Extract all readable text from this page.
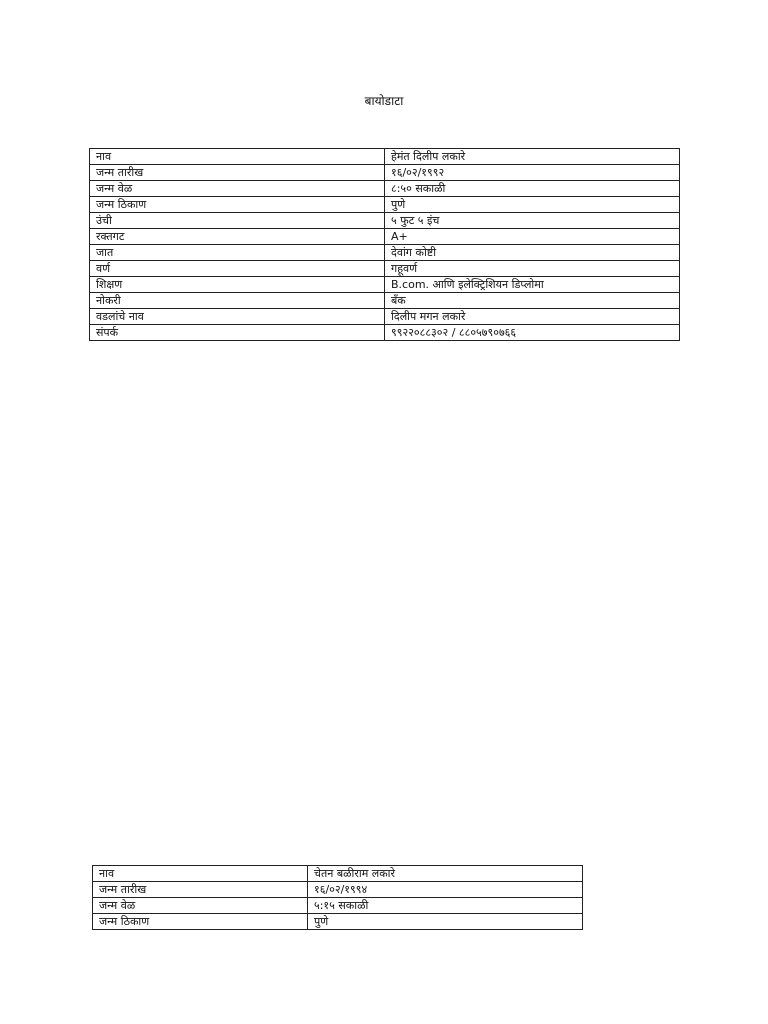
बायोडाटा
नाव	हेमंत दिलीप लकारे
जन्म तारीख	१६/०२/१९९२
जन्म वेळ	८:५० सकाळी
जन्म ठिकाण	पुणे
उंची	५ फुट ५ इंच
रक्तगट	A+
जात	देवांग कोष्टी
वर्ण	गहूवर्ण
शिक्षण	B.com. आणि इलेक्ट्रिशियन डिप्लोमा
नोकरी	बँक
वडलांचे नाव	दिलीप मगन लकारे
संपर्क	९९२२०८८३०२ / ८८०५७९०७६६
नाव	चेतन बळीराम लकारे
जन्म तारीख	१६/०२/१९९४
जन्म वेळ	५:१५ सकाळी
जन्म ठिकाण	पुणे
